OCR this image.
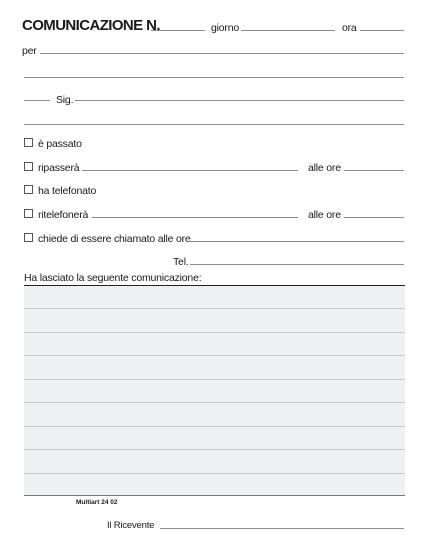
COMUNICAZIONE N.	giorno	ora
per
Sig.
è passato
ripasserà	alle ore
ha telefonato
ritelefonerà	alle ore
chiede di essere chiamato alle ore
Tel.
Ha lasciato la seguente comunicazione:
Multiart 24 02
Il Ricevente
